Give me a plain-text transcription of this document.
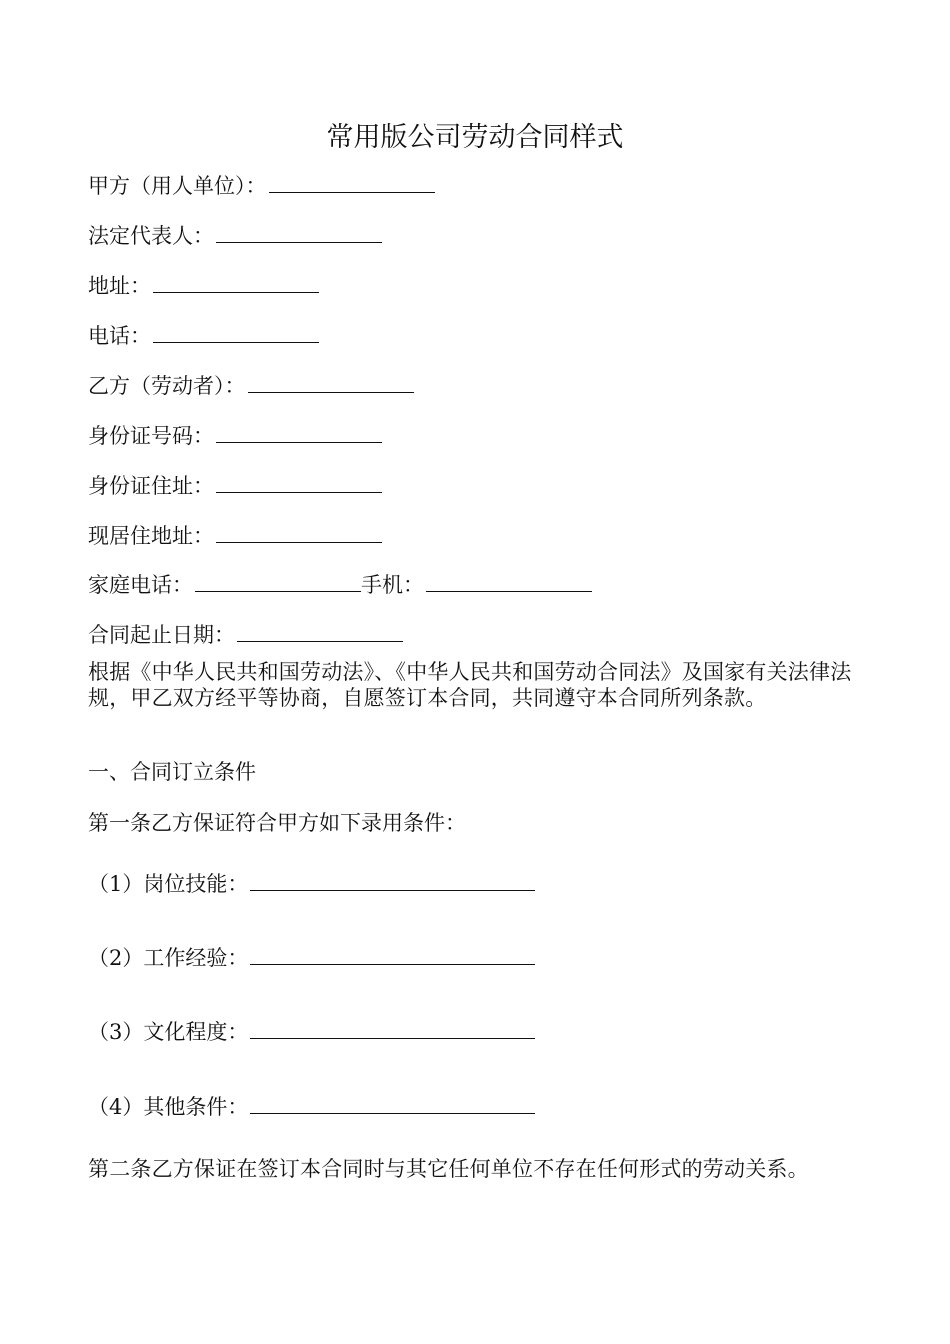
常用版公司劳动合同样式
甲方（用人单位）：
法定代表人：
地址：
电话：
乙方（劳动者）：
身份证号码：
身份证住址：
现居住地址：
家庭电话：	手机：
合同起止日期：
根据《中华人民共和国劳动法》、《中华人民共和国劳动合同法》及国家有关法律法规，甲乙双方经平等协商，自愿签订本合同，共同遵守本合同所列条款。
一、合同订立条件
第一条乙方保证符合甲方如下录用条件：
（1）岗位技能：
（2）工作经验：
（3）文化程度：
（4）其他条件：
第二条乙方保证在签订本合同时与其它任何单位不存在任何形式的劳动关系。
